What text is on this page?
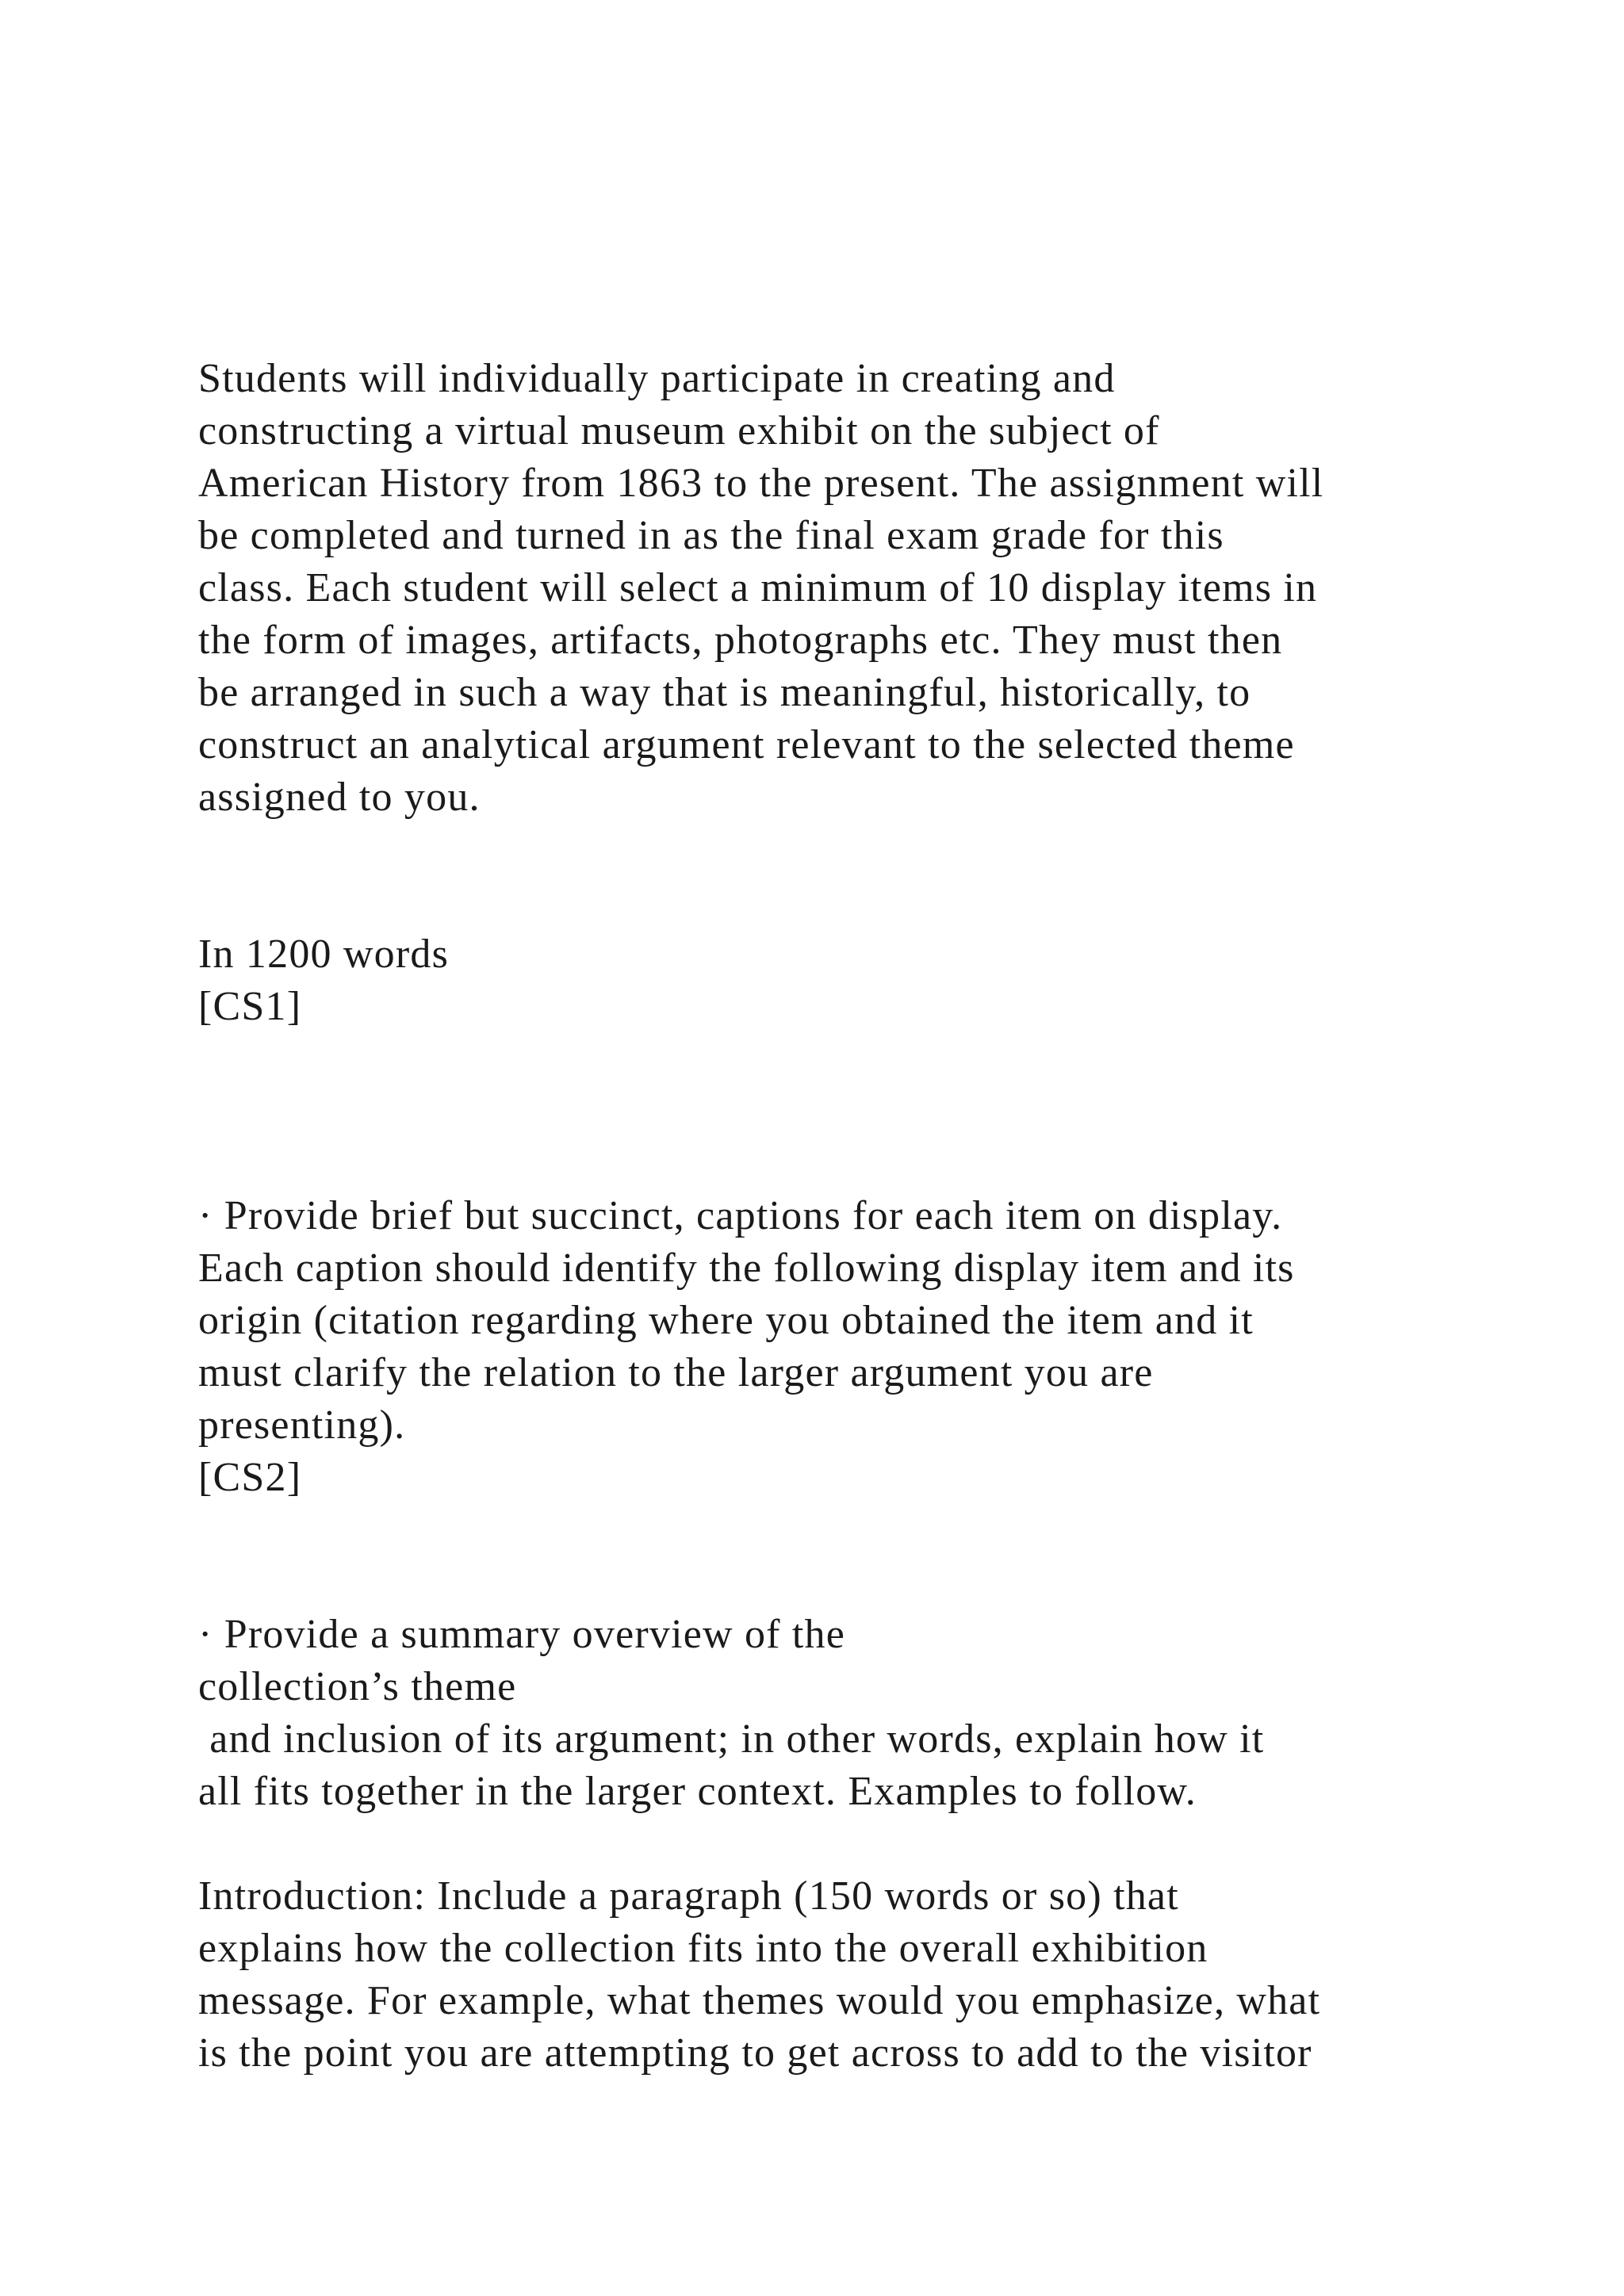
Students will individually participate in creating and

constructing a virtual museum exhibit on the subject of

American History from 1863 to the present. The assignment will

be completed and turned in as the final exam grade for this

class. Each student will select a minimum of 10 display items in

the form of images, artifacts, photographs etc. They must then

be arranged in such a way that is meaningful, historically, to

construct an analytical argument relevant to the selected theme

assigned to you.

In 1200 words

[CS1]

· Provide brief but succinct, captions for each item on display.

Each caption should identify the following display item and its

origin (citation regarding where you obtained the item and it

must clarify the relation to the larger argument you are

presenting).

[CS2]

· Provide a summary overview of the

collection’s theme

and inclusion of its argument; in other words, explain how it

all fits together in the larger context. Examples to follow.

Introduction: Include a paragraph (150 words or so) that

explains how the collection fits into the overall exhibition

message. For example, what themes would you emphasize, what

is the point you are attempting to get across to add to the visitor
